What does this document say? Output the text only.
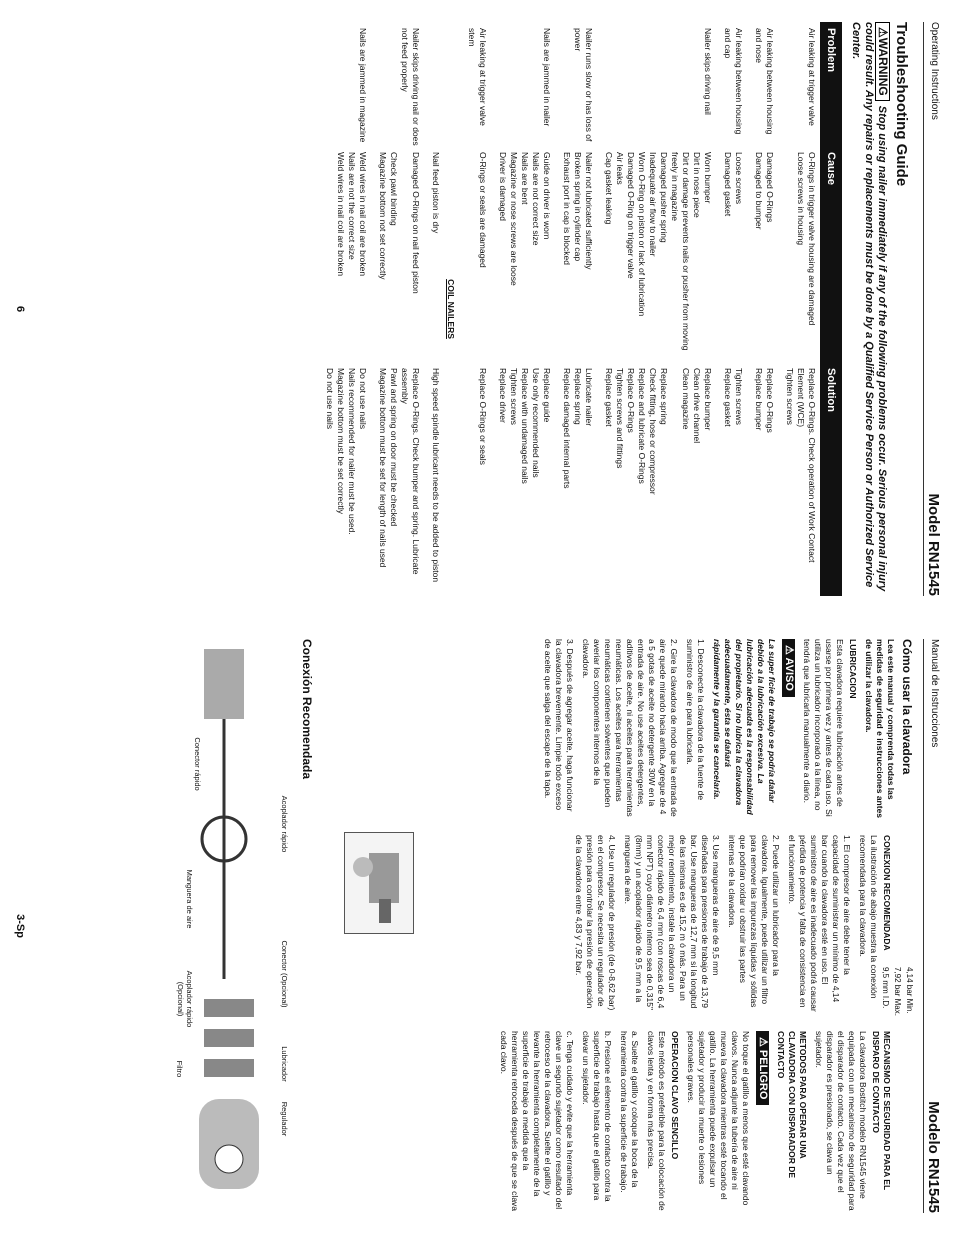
Operating Instructions
Model RN1545
Troubleshooting Guide
⚠WARNINGStop using nailer immediately if any of the following problems occur. Serious personal injury could result. Any repairs or replacements must be done by a Qualified Service Person or Authorized Service Center.
Problem
Cause
Solution
Air leaking at trigger valve
O-Rings in trigger valve housing are damaged
Loose screws in housing
Replace O-Rings. Check operation of Work Contact Element (WCE)
Tighten screws
Air leaking between housing and nose
Damaged O-Rings
Damaged to bumper
Replace O-Rings
Replace bumper
Air leaking between housing and cap
Loose screws
Damaged gasket
Tighten screws
Replace gasket
Nailer skips driving nail
Worn bumper
Dirt in nose piece
Dirt or damage prevents nails or pusher from moving freely in magazine
Damaged pusher spring
Inadequate air flow to nailer
Worn O-Ring on piston or lack of lubrication
Damaged O-Ring on trigger valve
Air leaks
Cap gasket leaking
Replace bumper
Clean drive channel
Clean magazine

Replace spring
Check fitting, hose or compressor
Replace and lubricate O-Rings
Replace O-Rings
Tighten screws and fittings
Replace gasket
Nailer runs slow or has loss of power
Nailer not lubricated sufficiently
Broken spring in cylinder cap
Exhaust port in cap is blocked
Lubricate nailer
Replace spring
Replace damaged internal parts
Nails are jammed in nailer
Guide on driver is worn
Nails are not correct size
Nails are bent
Magazine or nose screws are loose
Driver is damaged
Replace guide
Use only recommended nails
Replace with undamaged nails
Tighten screws
Replace driver
Air leaking at trigger valve stem
O-Rings or seals are damaged
Replace O-Rings or seals
COIL NAILERS
Nail feed piston is dry
High speed spindle lubricant needs to be added to piston
Nailer skips driving nail or does not feed properly
Damaged O-Rings on nail feed piston

Check pawl binding
Magazine bottom not set correctly
Replace O-Rings. Check bumper and spring. Lubricate assembly
Pawl and spring on door must be checked
Magazine bottom must be set for length of nails used
Nails are jammed in magazine
Weld wires in nail coil are broken
Nails are not the correct size
Weld wires in nail coil are broken
Do not use nails
Nails recommended for nailer must be used.
Magazine bottom must be set correctly
Do not use nails
6
Manual de Instrucciones
Modelo RN1545
Cómo usar la clavadora

Lea este manual y comprenda todas las medidas de seguridad e instrucciones antes de utilizar la clavadora.

LUBRICACION

Esta clavadora requiere lubricación antes de usarse por primera vez y antes de cada uso. Si utiliza un lubricador incorporado a la línea, no tendrá que lubricarla manualmente a diario.

⚠ AVISO

La super ficie de trabajo se podría dañar debido a la lubricación excesiva. La lubricación adecuada es la responsabilidad del propietario. Si no lubrica la clavadora adecuadamente, ésta se dañará rápidamente y la garantía se cancelaría.

1. Desconecte la clavadora de la fuente de suministro de aire para lubricarla.

2. Gire la clavadora de modo que la entrada de aire quede mirando hacia arriba. Agregue de 4 a 5 gotas de aceite no detergente 30W en la entrada de aire. No use aceites detergentes, aditivos de aceite, ni aceites para herramientas neumáticas. Los aceites para herramientas neumáticas contienen solventes que pueden averiar los componentes internos de la clavadora.

3. Después de agregar aceite, haga funcionar la clavadora brevemente. Limpie todo exceso de aceite que salga del escape de la tapa.

CONEXION RECOMENDADA

La ilustración de abajo muestra la conexión recomendada para la clavadora.

1. El compresor de aire debe tener la capacidad de suministrar un mínimo de 4,14 bar cuando la clavadora esté en uso. El suministro de aire es inadecuado podrá causar pérdida de potencia y falta de consistencia en el funcionamiento.

2. Puede utilizar un lubricador para la clavadora. Igualmente, puede utilizar un filtro para remover las impurezas líquidas y sólidas que podrían oxidar u obstruir las partes internas de la clavadora.

3. Use mangueras de aire de 9,5 mm diseñadas para presiones de trabajo de 13,79 bar. Use mangueras de 12,7 mm si la longitud de las mismas es de 15,2 m ó más. Para un mejor rendimiento, instale la clavadora un conector rápido de 6,4 mm (con roscas de 6,4 mm NPT) cuyo diámetro interno sea de 0,315" (8mm) y un acoplador rápido de 9,5 mm a la manguera de aire.

4. Use un regulador de presión (de 0-8,62 bar) en el compresor. Se necesita un regulador de presión para controlar la presión de operación de la clavadora entre 4,83 y 7,92 bar.

MECANISMO DE SEGURIDAD PARA EL DISPARO DE CONTACTO

La clavadora Bostitch modelo RN1545 viene equipada con un mecanismo de seguridad para el disparador de contacto. Cada vez que el disparador es presionado, se clava un sujetador.

METODOS PARA OPERAR UNA CLAVADORA CON DISPARADOR DE CONTACTO

⚠ PELIGRO

No toque el gatillo a menos que esté clavando clavos. Nunca adjunte la tubería de aire ni mueva la clavadora mientras esté tocando el gatillo. La herramienta puede expulsar un sujetador y producir la muerte o lesiones personales graves.

OPERACION CLAVO SENCILLO

Este método es preferible para la colocación de clavos lenta y en forma más precisa.

a. Suelte el gatillo y coloque la boca de la herramienta contra la superficie de trabajo.

b. Presione el elemento de contacto contra la superficie de trabajo hasta que el gatillo para clavar un sujetador.

c. Tenga cuidado y evite que la herramienta clave un segundo sujetador como resultado del retroceso de la clavadora. Suelte el gatillo y levante la herramienta completamente de la superficie de trabajo a medida que la herramienta retroceda después de que se clava cada clavo.

Conexión Recomendada
Conector rápido
Acoplador rápido
Manguera de aire
Conector (Opcional)
Acoplador rápido (Opcional)
Lubricador
Regulador
Filtro
4,14 bar Min.
7,92 bar Max.
9,5 mm I.D.
3-Sp
